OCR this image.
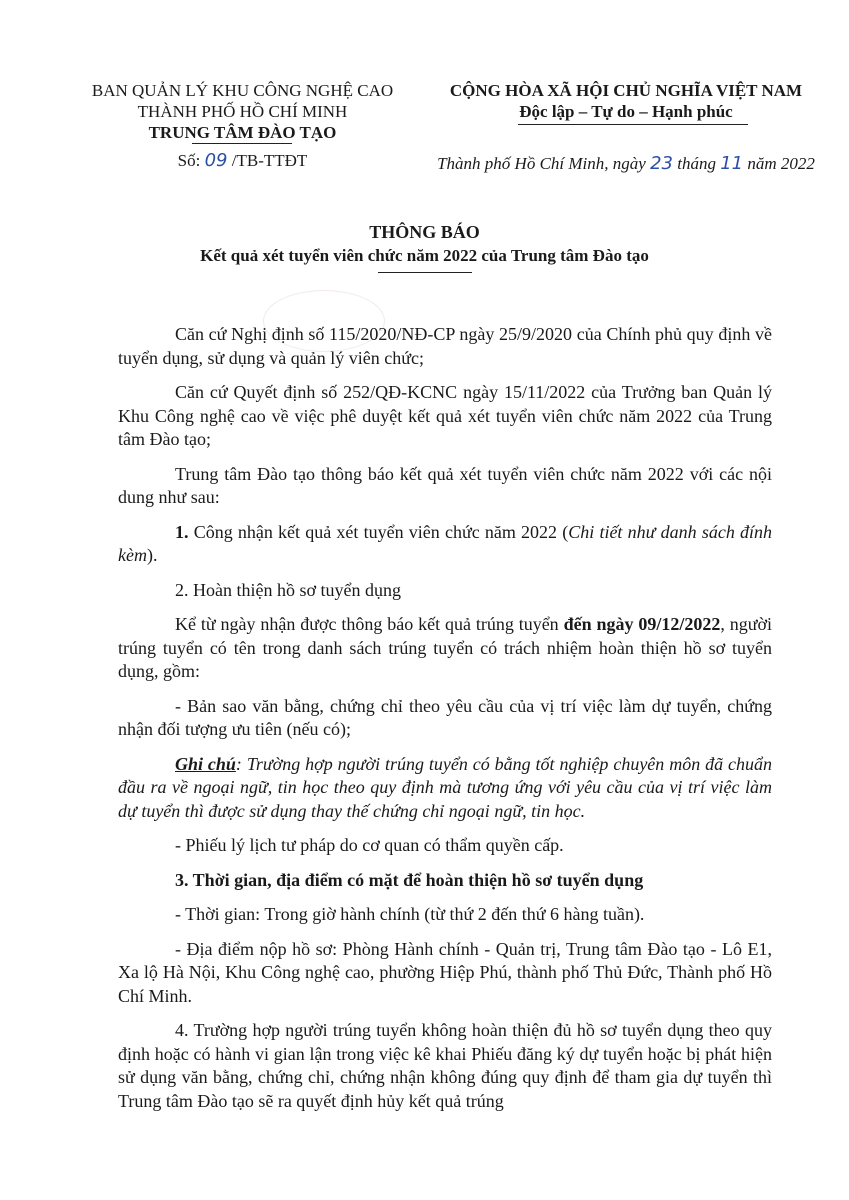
BAN QUẢN LÝ KHU CÔNG NGHỆ CAO
THÀNH PHỐ HỒ CHÍ MINH
TRUNG TÂM ĐÀO TẠO
CỘNG HÒA XÃ HỘI CHỦ NGHĨA VIỆT NAM
Độc lập – Tự do – Hạnh phúc
Số: 09 /TB-TTĐT	Thành phố Hồ Chí Minh, ngày 23 tháng 11 năm 2022
THÔNG BÁO
Kết quả xét tuyển viên chức năm 2022 của Trung tâm Đào tạo

Căn cứ Nghị định số 115/2020/NĐ-CP ngày 25/9/2020 của Chính phủ quy định về tuyển dụng, sử dụng và quản lý viên chức;

Căn cứ Quyết định số 252/QĐ-KCNC ngày 15/11/2022 của Trưởng ban Quản lý Khu Công nghệ cao về việc phê duyệt kết quả xét tuyển viên chức năm 2022 của Trung tâm Đào tạo;

Trung tâm Đào tạo thông báo kết quả xét tuyển viên chức năm 2022 với các nội dung như sau:

1. Công nhận kết quả xét tuyển viên chức năm 2022 (Chi tiết như danh sách đính kèm).

2. Hoàn thiện hồ sơ tuyển dụng

Kể từ ngày nhận được thông báo kết quả trúng tuyển đến ngày 09/12/2022, người trúng tuyển có tên trong danh sách trúng tuyển có trách nhiệm hoàn thiện hồ sơ tuyển dụng, gồm:

- Bản sao văn bằng, chứng chỉ theo yêu cầu của vị trí việc làm dự tuyển, chứng nhận đối tượng ưu tiên (nếu có);

Ghi chú: Trường hợp người trúng tuyển có bằng tốt nghiệp chuyên môn đã chuẩn đầu ra về ngoại ngữ, tin học theo quy định mà tương ứng với yêu cầu của vị trí việc làm dự tuyển thì được sử dụng thay thế chứng chỉ ngoại ngữ, tin học.

- Phiếu lý lịch tư pháp do cơ quan có thẩm quyền cấp.

3. Thời gian, địa điểm có mặt để hoàn thiện hồ sơ tuyển dụng

- Thời gian: Trong giờ hành chính (từ thứ 2 đến thứ 6 hàng tuần).

- Địa điểm nộp hồ sơ: Phòng Hành chính - Quản trị, Trung tâm Đào tạo - Lô E1, Xa lộ Hà Nội, Khu Công nghệ cao, phường Hiệp Phú, thành phố Thủ Đức, Thành phố Hồ Chí Minh.

4. Trường hợp người trúng tuyển không hoàn thiện đủ hồ sơ tuyển dụng theo quy định hoặc có hành vi gian lận trong việc kê khai Phiếu đăng ký dự tuyển hoặc bị phát hiện sử dụng văn bằng, chứng chỉ, chứng nhận không đúng quy định để tham gia dự tuyển thì Trung tâm Đào tạo sẽ ra quyết định hủy kết quả trúng
